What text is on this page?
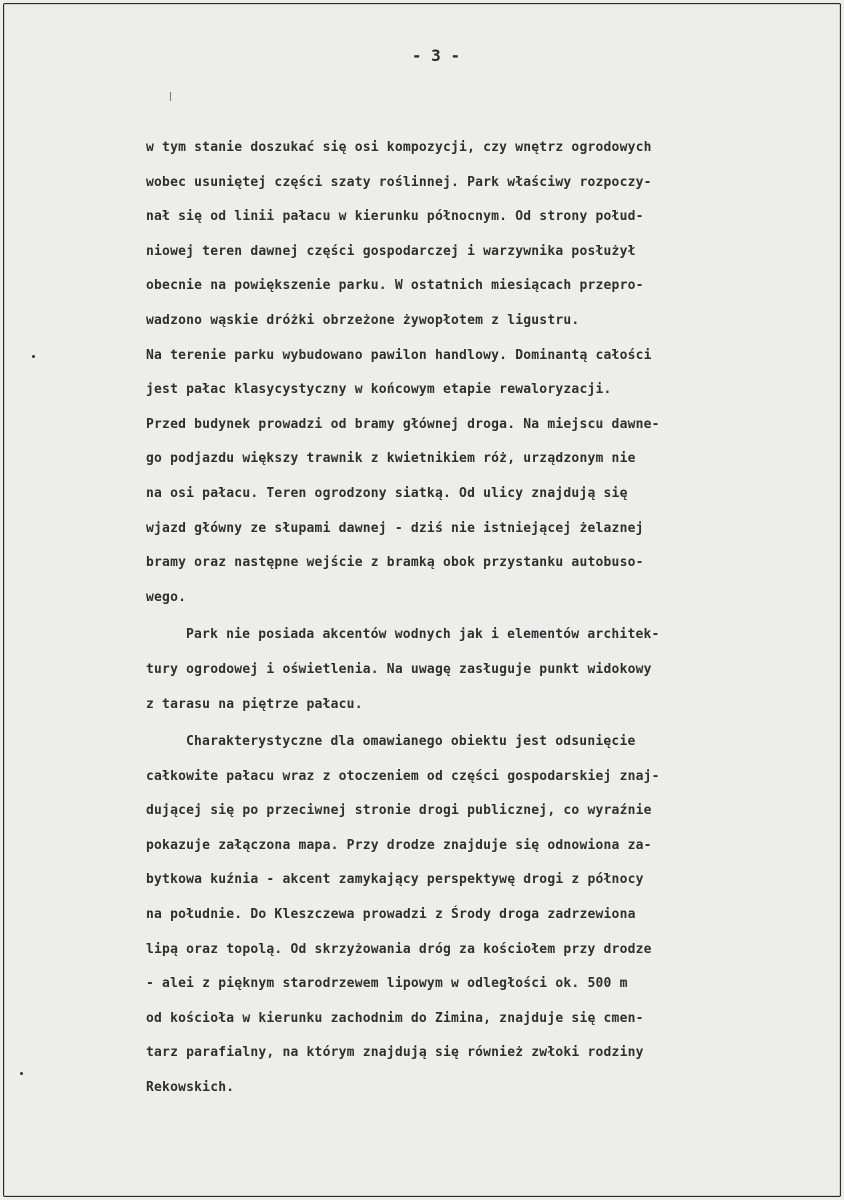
- 3 -
w tym stanie doszukać się osi kompozycji, czy wnętrz ogrodowych
wobec usuniętej części szaty roślinnej. Park właściwy rozpoczy-
nał się od linii pałacu w kierunku północnym. Od strony połud-
niowej teren dawnej części gospodarczej i warzywnika posłużył
obecnie na powiększenie parku. W ostatnich miesiącach przepro-
wadzono wąskie dróżki obrzeżone żywopłotem z ligustru.
Na terenie parku wybudowano pawilon handlowy. Dominantą całości
jest pałac klasycystyczny w końcowym etapie rewaloryzacji.
Przed budynek prowadzi od bramy głównej droga. Na miejscu dawne-
go podjazdu większy trawnik z kwietnikiem róż, urządzonym nie
na osi pałacu. Teren ogrodzony siatką. Od ulicy znajdują się
wjazd główny ze słupami dawnej - dziś nie istniejącej żelaznej
bramy oraz następne wejście z bramką obok przystanku autobuso-
wego.
Park nie posiada akcentów wodnych jak i elementów architek-
tury ogrodowej i oświetlenia. Na uwagę zasługuje punkt widokowy
z tarasu na piętrze pałacu.
Charakterystyczne dla omawianego obiektu jest odsunięcie
całkowite pałacu wraz z otoczeniem od części gospodarskiej znaj-
dującej się po przeciwnej stronie drogi publicznej, co wyraźnie
pokazuje załączona mapa. Przy drodze znajduje się odnowiona za-
bytkowa kuźnia - akcent zamykający perspektywę drogi z północy
na południe. Do Kleszczewa prowadzi z Środy droga zadrzewiona
lipą oraz topolą. Od skrzyżowania dróg za kościołem przy drodze
- alei z pięknym starodrzewem lipowym w odległości ok. 500 m
od kościoła w kierunku zachodnim do Zimina, znajduje się cmen-
tarz parafialny, na którym znajdują się również zwłoki rodziny
Rekowskich.
